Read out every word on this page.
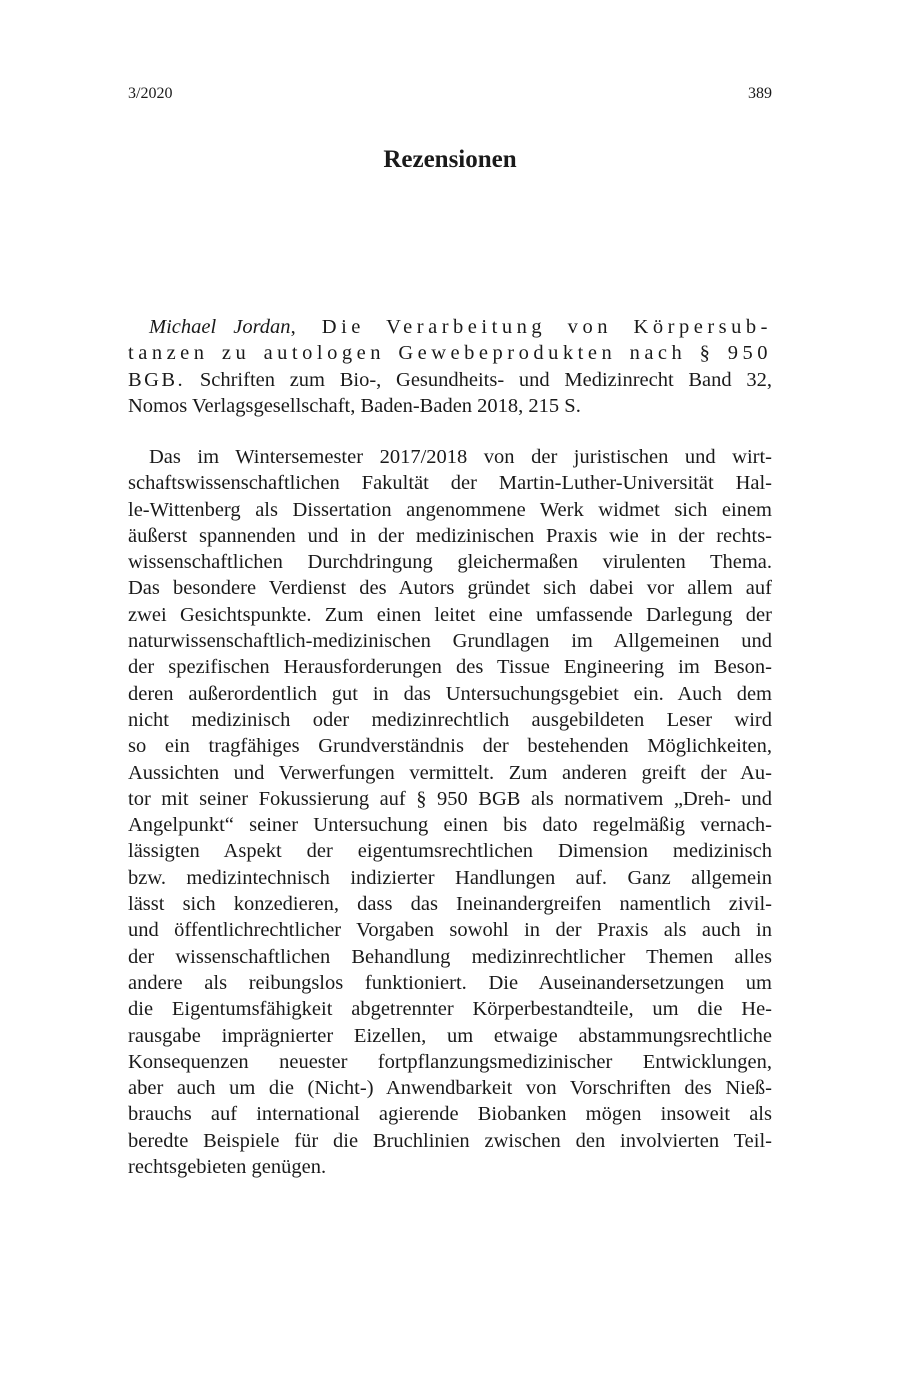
3/2020	389
Rezensionen
Michael Jordan, Die Verarbeitung von Körpersub-
tanzen zu autologen Gewebeprodukten nach § 950
BGB. Schriften zum Bio-, Gesundheits- und Medizinrecht Band 32,
Nomos Verlagsgesellschaft, Baden-Baden 2018, 215 S.
Das im Wintersemester 2017/2018 von der juristischen und wirt-
schaftswissenschaftlichen Fakultät der Martin-Luther-Universität Hal-
le-Wittenberg als Dissertation angenommene Werk widmet sich einem
äußerst spannenden und in der medizinischen Praxis wie in der rechts-
wissenschaftlichen Durchdringung gleichermaßen virulenten Thema.
Das besondere Verdienst des Autors gründet sich dabei vor allem auf
zwei Gesichtspunkte. Zum einen leitet eine umfassende Darlegung der
naturwissenschaftlich-medizinischen Grundlagen im Allgemeinen und
der spezifischen Herausforderungen des Tissue Engineering im Beson-
deren außerordentlich gut in das Untersuchungsgebiet ein. Auch dem
nicht medizinisch oder medizinrechtlich ausgebildeten Leser wird
so ein tragfähiges Grundverständnis der bestehenden Möglichkeiten,
Aussichten und Verwerfungen vermittelt. Zum anderen greift der Au-
tor mit seiner Fokussierung auf § 950 BGB als normativem „Dreh- und
Angelpunkt“ seiner Untersuchung einen bis dato regelmäßig vernach-
lässigten Aspekt der eigentumsrechtlichen Dimension medizinisch
bzw. medizintechnisch indizierter Handlungen auf. Ganz allgemein
lässt sich konzedieren, dass das Ineinandergreifen namentlich zivil-
und öffentlichrechtlicher Vorgaben sowohl in der Praxis als auch in
der wissenschaftlichen Behandlung medizinrechtlicher Themen alles
andere als reibungslos funktioniert. Die Auseinandersetzungen um
die Eigentumsfähigkeit abgetrennter Körperbestandteile, um die He-
rausgabe imprägnierter Eizellen, um etwaige abstammungsrechtliche
Konsequenzen neuester fortpflanzungsmedizinischer Entwicklungen,
aber auch um die (Nicht-) Anwendbarkeit von Vorschriften des Nieß-
brauchs auf international agierende Biobanken mögen insoweit als
beredte Beispiele für die Bruchlinien zwischen den involvierten Teil-
rechtsgebieten genügen.
